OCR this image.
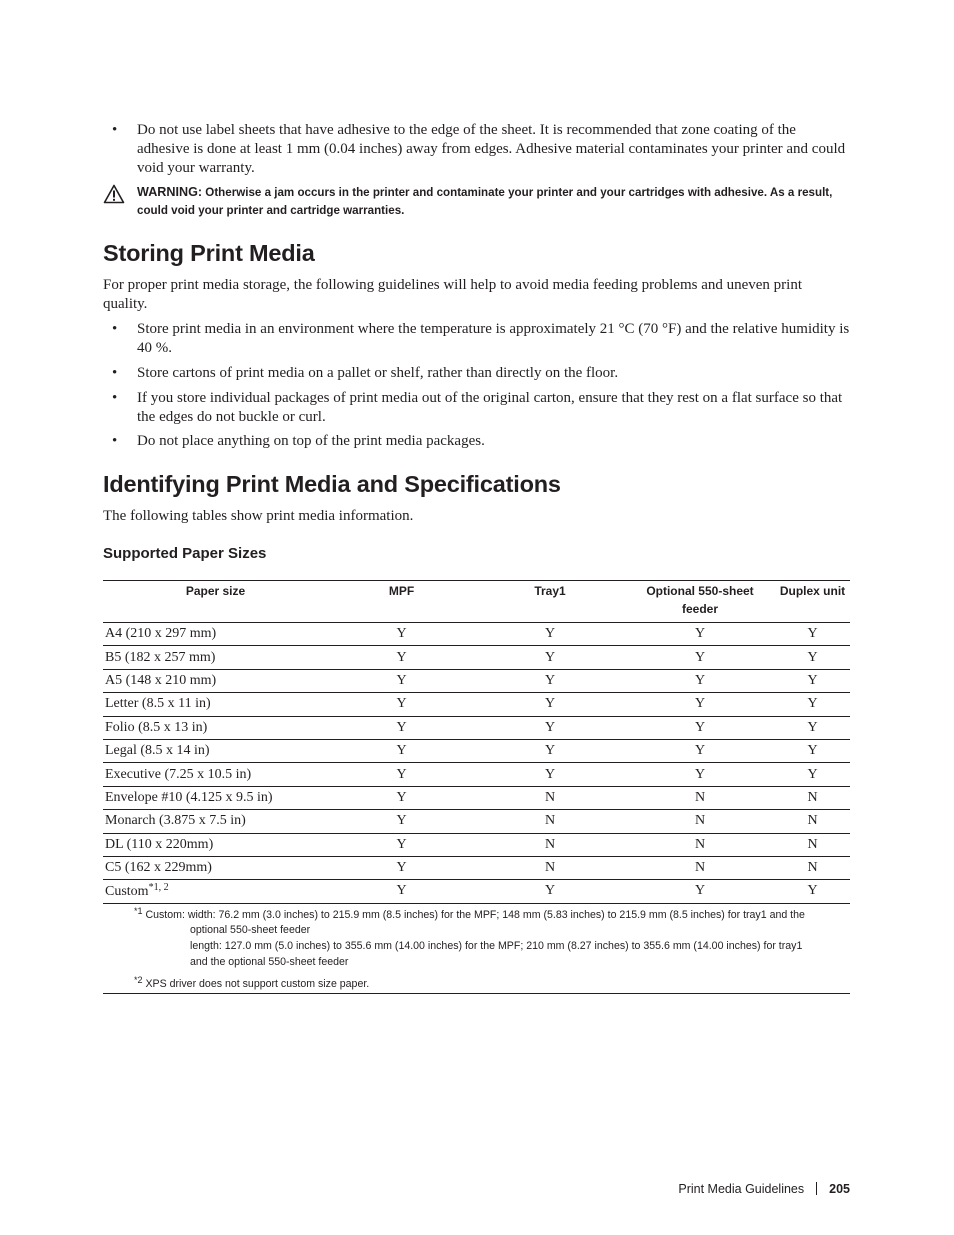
• Do not use label sheets that have adhesive to the edge of the sheet. It is recommended that zone coating of the adhesive is done at least 1 mm (0.04 inches) away from edges. Adhesive material contaminates your printer and could void your warranty.
WARNING: Otherwise a jam occurs in the printer and contaminate your printer and your cartridges with adhesive. As a result, could void your printer and cartridge warranties.
Storing Print Media

For proper print media storage, the following guidelines will help to avoid media feeding problems and uneven print quality.

• Store print media in an environment where the temperature is approximately 21 °C (70 °F) and the relative humidity is 40 %.
• Store cartons of print media on a pallet or shelf, rather than directly on the floor.
• If you store individual packages of print media out of the original carton, ensure that they rest on a flat surface so that the edges do not buckle or curl.
• Do not place anything on top of the print media packages.
Identifying Print Media and Specifications

The following tables show print media information.

Supported Paper Sizes
Paper size	MPF	Tray1	Optional 550-sheet feeder	Duplex unit
A4 (210 x 297 mm)	Y	Y	Y	Y
B5 (182 x 257 mm)	Y	Y	Y	Y
A5 (148 x 210 mm)	Y	Y	Y	Y
Letter (8.5 x 11 in)	Y	Y	Y	Y
Folio (8.5 x 13 in)	Y	Y	Y	Y
Legal (8.5 x 14 in)	Y	Y	Y	Y
Executive (7.25 x 10.5 in)	Y	Y	Y	Y
Envelope #10 (4.125 x 9.5 in)	Y	N	N	N
Monarch (3.875 x 7.5 in)	Y	N	N	N
DL (110 x 220mm)	Y	N	N	N
C5 (162 x 229mm)	Y	N	N	N
Custom$^{*1, 2}$	Y	Y	Y	Y
$^{*1}$ Custom: width: 76.2 mm (3.0 inches) to 215.9 mm (8.5 inches) for the MPF; 148 mm (5.83 inches) to 215.9 mm (8.5 inches) for tray1 and the
optional 550-sheet feeder
length: 127.0 mm (5.0 inches) to 355.6 mm (14.00 inches) for the MPF; 210 mm (8.27 inches) to 355.6 mm (14.00 inches) for tray1
and the optional 550-sheet feeder
$^{*2}$ XPS driver does not support custom size paper.
Print Media Guidelines 205
